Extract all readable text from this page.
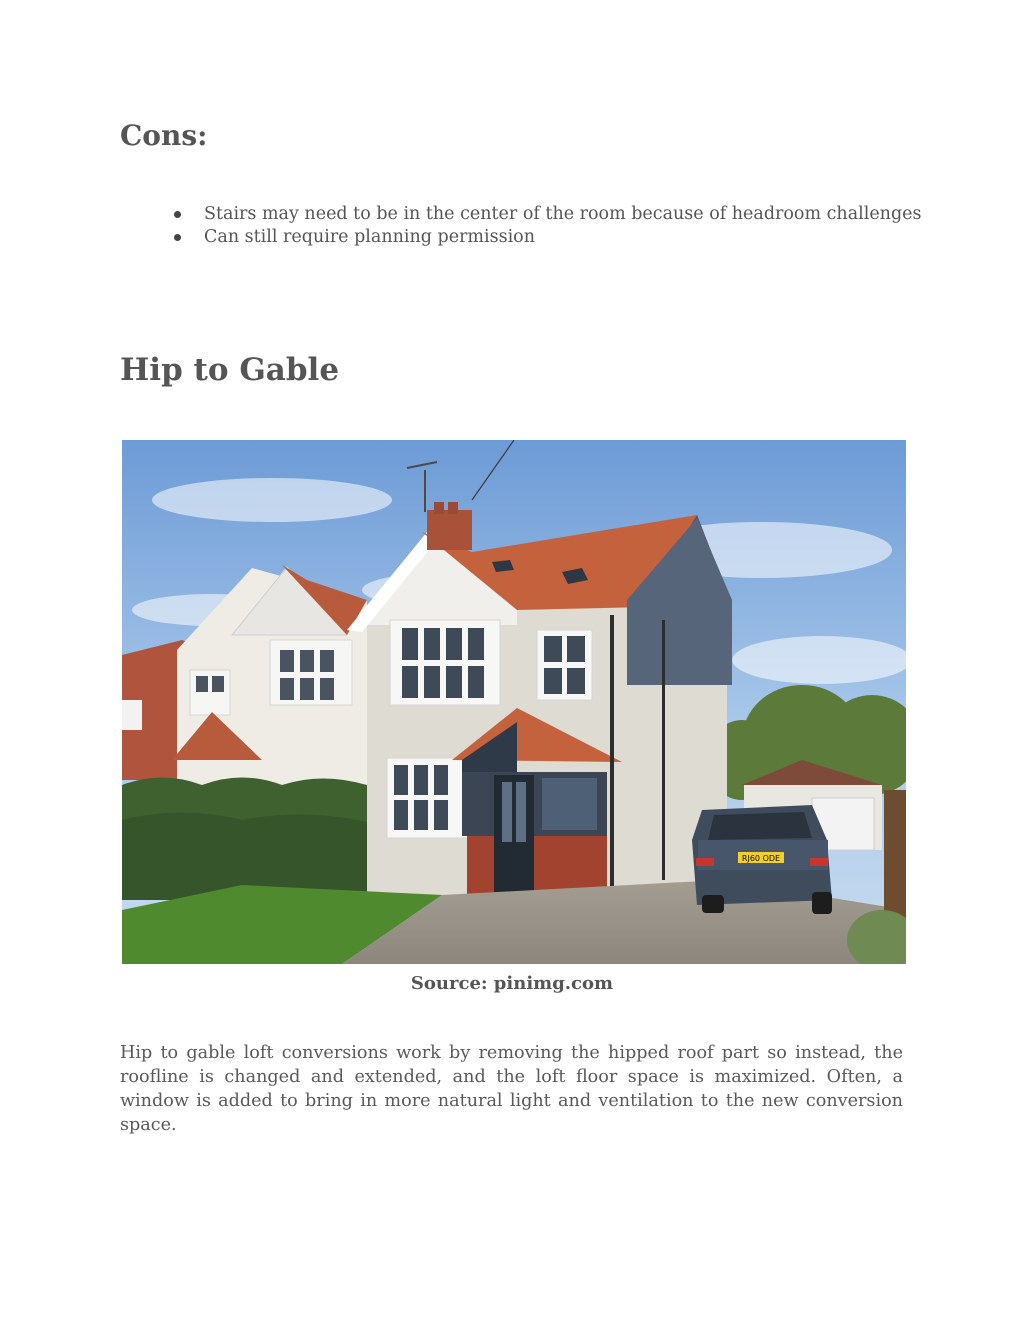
Cons:
Stairs may need to be in the center of the room because of headroom challenges
Can still require planning permission
Hip to Gable
RJ60 ODE
Source: pinimg.com

Hip to gable loft conversions work by removing the hipped roof part so instead, the roofline is changed and extended, and the loft floor space is maximized. Often, a window is added to bring in more natural light and ventilation to the new conversion space.
